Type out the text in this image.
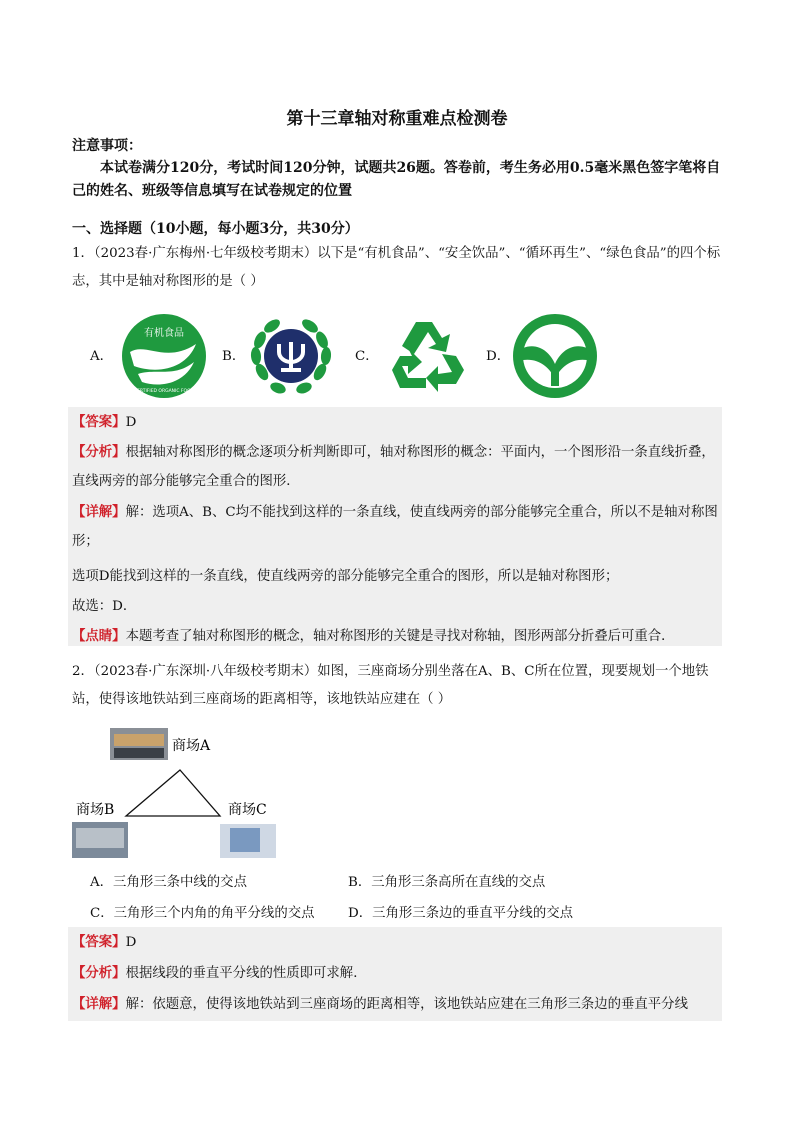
第十三章轴对称重难点检测卷
注意事项：
本试卷满分120分，考试时间120分钟，试题共26题。答卷前，考生务必用0.5毫米黑色签字笔将自己的姓名、班级等信息填写在试卷规定的位置
一、选择题（10小题，每小题3分，共30分）
1．（2023春·广东梅州·七年级校考期末）以下是“有机食品”、“安全饮品”、“循环再生”、“绿色食品”的四个标志，其中是轴对称图形的是（ ）
A．
有机食品
CERTIFIED ORGANIC FOOD
B．	C．	D．
【答案】D
【分析】根据轴对称图形的概念逐项分析判断即可，轴对称图形的概念：平面内，一个图形沿一条直线折叠，直线两旁的部分能够完全重合的图形．
【详解】解：选项A、B、C均不能找到这样的一条直线，使直线两旁的部分能够完全重合，所以不是轴对称图形；
选项D能找到这样的一条直线，使直线两旁的部分能够完全重合的图形，所以是轴对称图形；
故选：D．
【点睛】本题考查了轴对称图形的概念，轴对称图形的关键是寻找对称轴，图形两部分折叠后可重合．
2．（2023春·广东深圳·八年级校考期末）如图，三座商场分别坐落在A、B、C所在位置，现要规划一个地铁站，使得该地铁站到三座商场的距离相等，该地铁站应建在（ ）
商场A
商场B	商场C
A．三角形三条中线的交点	B．三角形三条高所在直线的交点
C．三角形三个内角的角平分线的交点	D．三角形三条边的垂直平分线的交点
【答案】D
【分析】根据线段的垂直平分线的性质即可求解．
【详解】解：依题意，使得该地铁站到三座商场的距离相等，该地铁站应建在三角形三条边的垂直平分线
